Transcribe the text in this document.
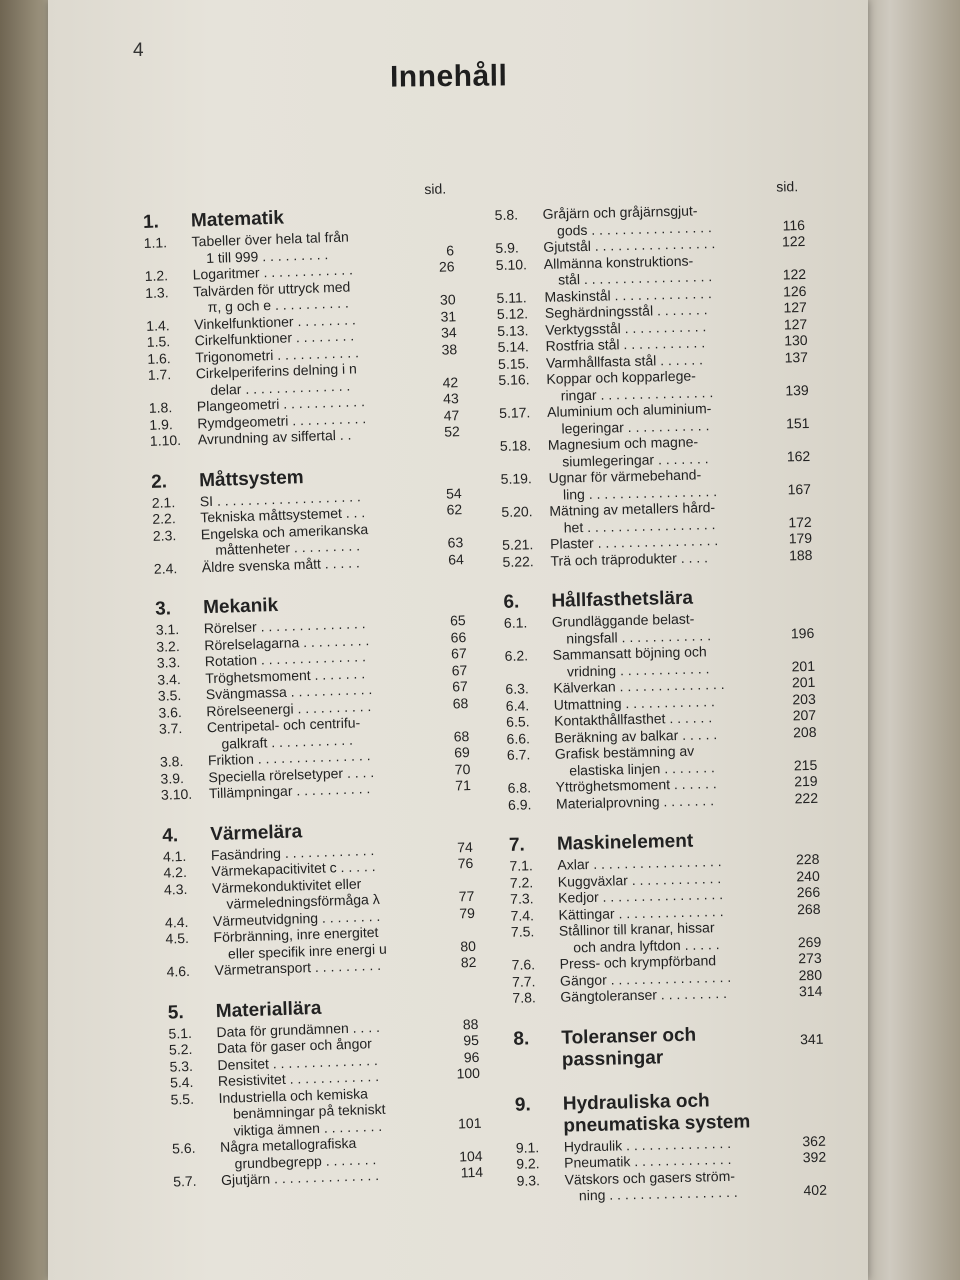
4
Innehåll
sid.
1.	Matematik
1.1.	Tabeller över hela tal från
1 till 999 . . . . . . . . .	6
1.2.	Logaritmer . . . . . . . . . . . .	26
1.3.	Talvärden för uttryck med
π, g och e . . . . . . . . . .	30
1.4.	Vinkelfunktioner . . . . . . . .	31
1.5.	Cirkelfunktioner . . . . . . . .	34
1.6.	Trigonometri . . . . . . . . . . .	38
1.7.	Cirkelperiferins delning i n
delar . . . . . . . . . . . . . .	42
1.8.	Plangeometri . . . . . . . . . . .	43
1.9.	Rymdgeometri . . . . . . . . . .	47
1.10.	Avrundning av siffertal . .	52
2.	Måttsystem
2.1.	SI . . . . . . . . . . . . . . . . . . .	54
2.2.	Tekniska måttsystemet . . .	62
2.3.	Engelska och amerikanska
måttenheter . . . . . . . . .	63
2.4.	Äldre svenska mått . . . . .	64
3.	Mekanik
3.1.	Rörelser . . . . . . . . . . . . . .	65
3.2.	Rörelselagarna . . . . . . . . .	66
3.3.	Rotation . . . . . . . . . . . . . .	67
3.4.	Tröghetsmoment . . . . . . .	67
3.5.	Svängmassa . . . . . . . . . . .	67
3.6.	Rörelseenergi . . . . . . . . . .	68
3.7.	Centripetal- och centrifu-
galkraft . . . . . . . . . . .	68
3.8.	Friktion . . . . . . . . . . . . . . .	69
3.9.	Speciella rörelsetyper . . . .	70
3.10.	Tillämpningar . . . . . . . . . .	71
4.	Värmelära
4.1.	Fasändring . . . . . . . . . . . .	74
4.2.	Värmekapacitivitet c . . . . .	76
4.3.	Värmekonduktivitet eller
värmeledningsförmåga λ	77
4.4.	Värmeutvidgning . . . . . . . .	79
4.5.	Förbränning, inre energitet
eller specifik inre energi u	80
4.6.	Värmetransport . . . . . . . . .	82
5.	Materiallära
5.1.	Data för grundämnen . . . .	88
5.2.	Data för gaser och ångor	95
5.3.	Densitet . . . . . . . . . . . . . .	96
5.4.	Resistivitet . . . . . . . . . . . .	100
5.5.	Industriella och kemiska
benämningar på tekniskt
viktiga ämnen . . . . . . . .	101
5.6.	Några metallografiska
grundbegrepp . . . . . . .	104
5.7.	Gjutjärn . . . . . . . . . . . . . .	114
sid.
5.8.	Gråjärn och gråjärnsgjut-
gods . . . . . . . . . . . . . . . .	116
5.9.	Gjutstål . . . . . . . . . . . . . . . .	122
5.10.	Allmänna konstruktions-
stål . . . . . . . . . . . . . . . . .	122
5.11.	Maskinstål . . . . . . . . . . . . .	126
5.12.	Seghärdningsstål . . . . . . .	127
5.13.	Verktygsstål . . . . . . . . . . .	127
5.14.	Rostfria stål . . . . . . . . . . .	130
5.15.	Varmhållfasta stål . . . . . .	137
5.16.	Koppar och kopparlege-
ringar . . . . . . . . . . . . . . .	139
5.17.	Aluminium och aluminium-
legeringar . . . . . . . . . . .	151
5.18.	Magnesium och magne-
siumlegeringar . . . . . . .	162
5.19.	Ugnar för värmebehand-
ling . . . . . . . . . . . . . . . . .	167
5.20.	Mätning av metallers hård-
het . . . . . . . . . . . . . . . . .	172
5.21.	Plaster . . . . . . . . . . . . . . . .	179
5.22.	Trä och träprodukter . . . .	188
6.	Hållfasthetslära
6.1.	Grundläggande belast-
ningsfall . . . . . . . . . . . .	196
6.2.	Sammansatt böjning och
vridning . . . . . . . . . . . .	201
6.3.	Kälverkan . . . . . . . . . . . . . .	201
6.4.	Utmattning . . . . . . . . . . . .	203
6.5.	Kontakthållfasthet . . . . . .	207
6.6.	Beräkning av balkar . . . . .	208
6.7.	Grafisk bestämning av
elastiska linjen . . . . . . .	215
6.8.	Yttröghetsmoment . . . . . .	219
6.9.	Materialprovning . . . . . . .	222
7.	Maskinelement
7.1.	Axlar . . . . . . . . . . . . . . . . .	228
7.2.	Kuggväxlar . . . . . . . . . . . .	240
7.3.	Kedjor . . . . . . . . . . . . . . . .	266
7.4.	Kättingar . . . . . . . . . . . . . .	268
7.5.	Stållinor till kranar, hissar
och andra lyftdon . . . . .	269
7.6.	Press- och krympförband	273
7.7.	Gängor . . . . . . . . . . . . . . . .	280
7.8.	Gängtoleranser . . . . . . . . .	314
8.	Toleranser och passningar
341
9.	Hydrauliska och pneumatiska system
9.1.	Hydraulik . . . . . . . . . . . . . .	362
9.2.	Pneumatik . . . . . . . . . . . . .	392
9.3.	Vätskors och gasers ström-
ning . . . . . . . . . . . . . . . . .	402
